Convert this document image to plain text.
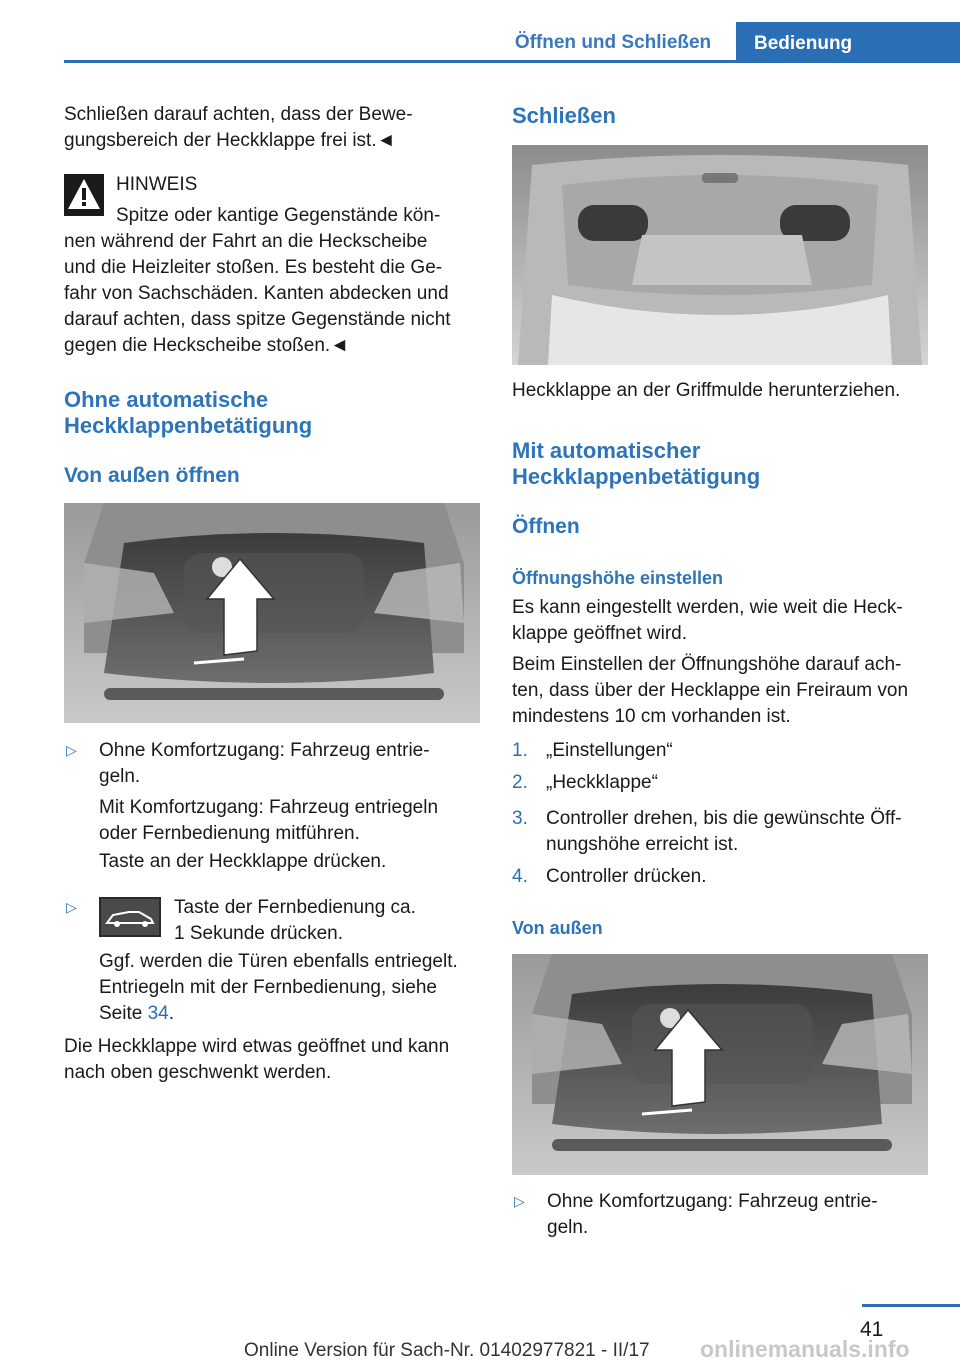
Öffnen und Schließen	Bedienung
Schließen darauf achten, dass der Bewe-
gungsbereich der Heckklappe frei ist.◄
HINWEIS
Spitze oder kantige Gegenstände kön-
nen während der Fahrt an die Heckscheibe
und die Heizleiter stoßen. Es besteht die Ge-
fahr von Sachschäden. Kanten abdecken und
darauf achten, dass spitze Gegenstände nicht
gegen die Heckscheibe stoßen.◄
Ohne automatische
Heckklappenbetätigung
Von außen öffnen
▷ Ohne Komfortzugang: Fahrzeug entrie-
geln.
Mit Komfortzugang: Fahrzeug entriegeln
oder Fernbedienung mitführen.
Taste an der Heckklappe drücken.
▷	Taste der Fernbedienung ca.
1 Sekunde drücken.
Ggf. werden die Türen ebenfalls entriegelt.
Entriegeln mit der Fernbedienung, siehe
Seite 34.
Die Heckklappe wird etwas geöffnet und kann
nach oben geschwenkt werden.
Schließen
Heckklappe an der Griffmulde herunterziehen.
Mit automatischer
Heckklappenbetätigung
Öffnen
Öffnungshöhe einstellen
Es kann eingestellt werden, wie weit die Heck-
klappe geöffnet wird.
Beim Einstellen der Öffnungshöhe darauf ach-
ten, dass über der Hecklappe ein Freiraum von
mindestens 10 cm vorhanden ist.
1. „Einstellungen“
2. „Heckklappe“
3. Controller drehen, bis die gewünschte Öff-
nungshöhe erreicht ist.
4. Controller drücken.
Von außen
▷ Ohne Komfortzugang: Fahrzeug entrie-
geln.
41
Online Version für Sach-Nr. 01402977821 - II/17	onlinemanuals.info
